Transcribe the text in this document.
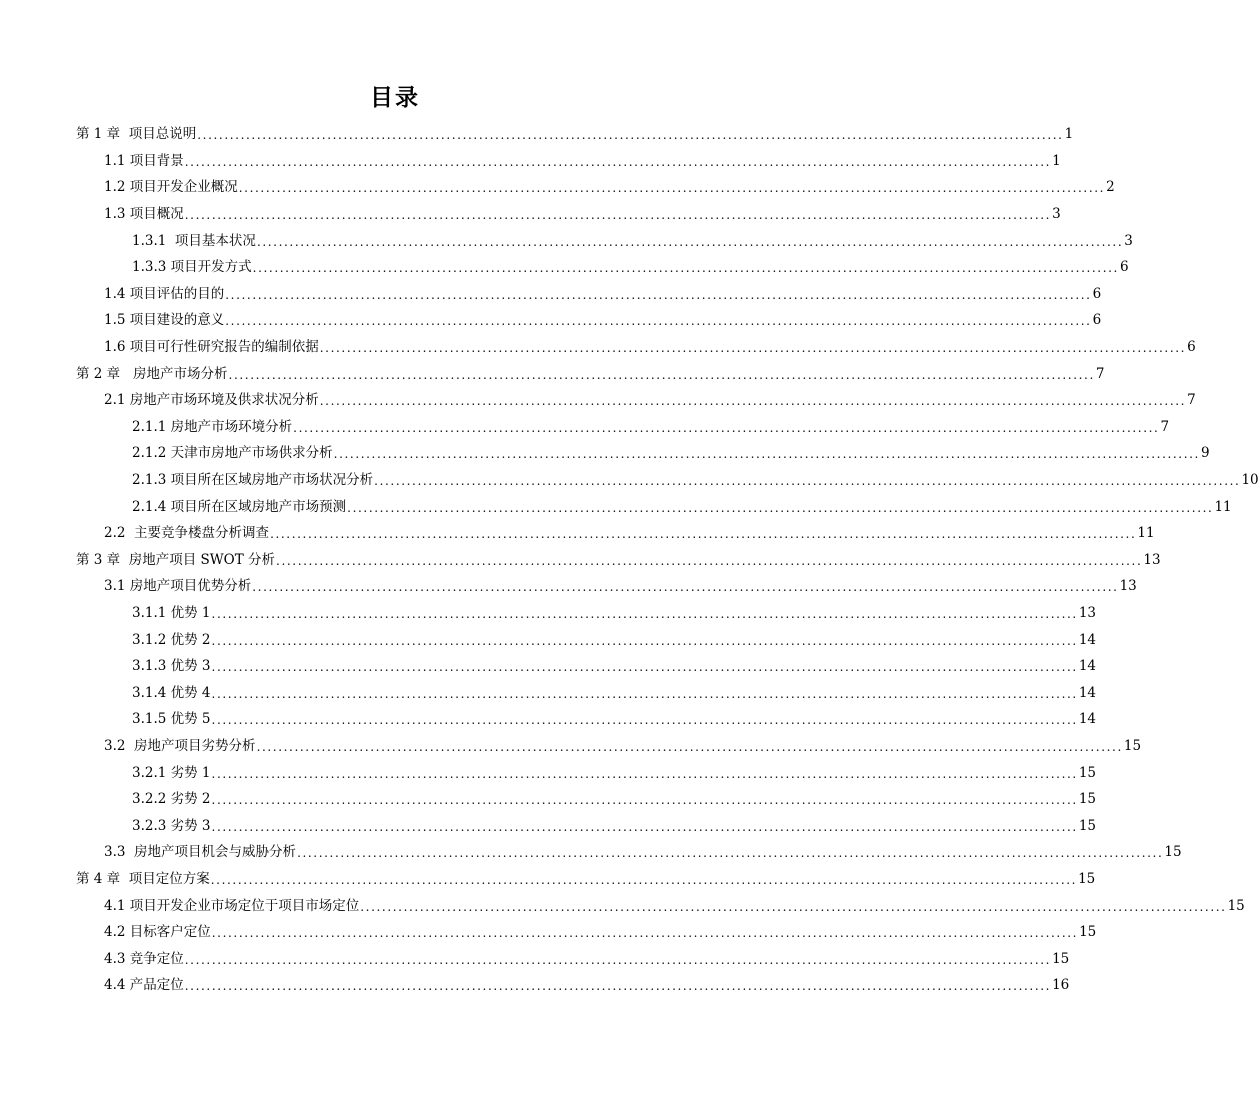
目录
第 1 章  项目总说明 ................................................................................................................................................................ 1
1.1 项目背景 ................................................................................................................................................................ 1
1.2 项目开发企业概况 ................................................................................................................................................................ 2
1.3 项目概况 ................................................................................................................................................................ 3
1.3.1  项目基本状况 ................................................................................................................................................................ 3
1.3.3 项目开发方式 ................................................................................................................................................................ 6
1.4 项目评估的目的 ................................................................................................................................................................ 6
1.5 项目建设的意义 ................................................................................................................................................................ 6
1.6 项目可行性研究报告的编制依据 ................................................................................................................................................................ 6
第 2 章   房地产市场分析 ................................................................................................................................................................ 7
2.1 房地产市场环境及供求状况分析 ................................................................................................................................................................ 7
2.1.1 房地产市场环境分析 ................................................................................................................................................................ 7
2.1.2 天津市房地产市场供求分析 ................................................................................................................................................................ 9
2.1.3 项目所在区域房地产市场状况分析 ................................................................................................................................................................ 10
2.1.4 项目所在区域房地产市场预测 ................................................................................................................................................................ 11
2.2  主要竞争楼盘分析调查 ................................................................................................................................................................ 11
第 3 章  房地产项目 SWOT 分析 ................................................................................................................................................................ 13
3.1 房地产项目优势分析 ................................................................................................................................................................ 13
3.1.1 优势 1 ................................................................................................................................................................ 13
3.1.2 优势 2 ................................................................................................................................................................ 14
3.1.3 优势 3 ................................................................................................................................................................ 14
3.1.4 优势 4 ................................................................................................................................................................ 14
3.1.5 优势 5 ................................................................................................................................................................ 14
3.2  房地产项目劣势分析 ................................................................................................................................................................ 15
3.2.1 劣势 1 ................................................................................................................................................................ 15
3.2.2 劣势 2 ................................................................................................................................................................ 15
3.2.3 劣势 3 ................................................................................................................................................................ 15
3.3  房地产项目机会与威胁分析 ................................................................................................................................................................ 15
第 4 章  项目定位方案 ................................................................................................................................................................ 15
4.1 项目开发企业市场定位于项目市场定位 ................................................................................................................................................................ 15
4.2 目标客户定位 ................................................................................................................................................................ 15
4.3 竞争定位 ................................................................................................................................................................ 15
4.4 产品定位 ................................................................................................................................................................ 16
